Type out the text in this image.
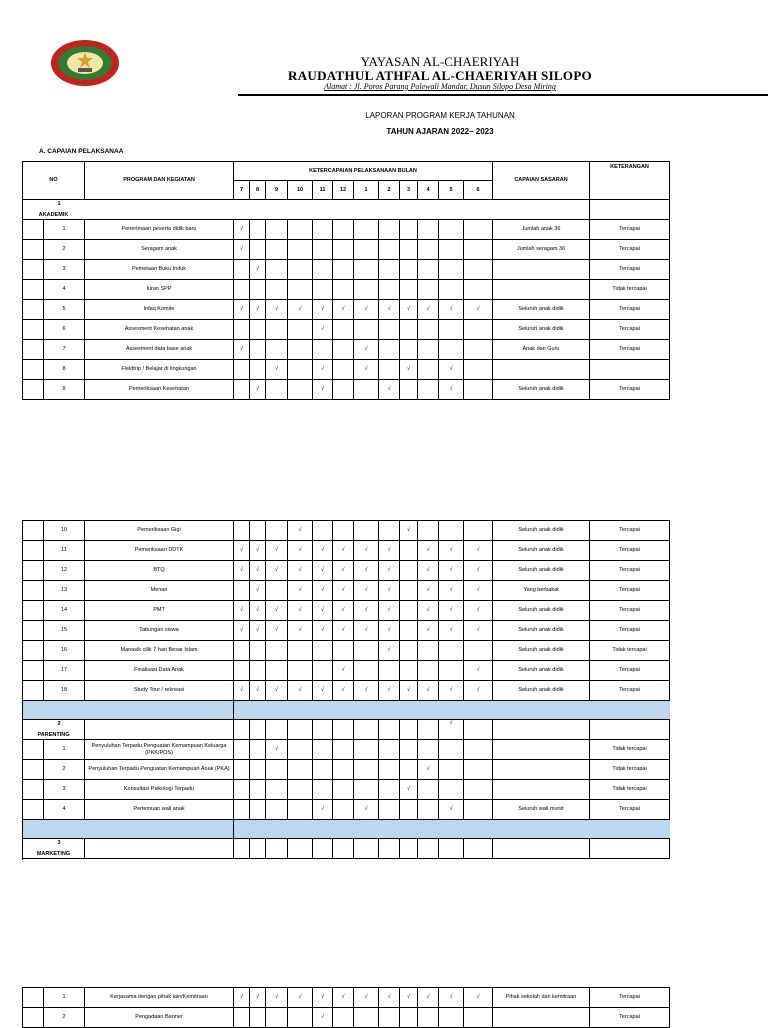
YAYASAN AL-CHAERIYAH
RAUDATHUL ATHFAL AL-CHAERIYAH SILOPO
Alamat : Jl. Poros Parang Polewali Mandar, Dusun Silopo Desa Miring
LAPORAN PROGRAM KERJA TAHUNAN
TAHUN AJARAN 2022– 2023
A. CAPAIAN PELAKSANAA
NO		PROGRAM DAN KEGIATAN	KETERCAPAIAN PELAKSANAAN BULAN												CAPAIAN SASARAN	KETERANGAN
			7	8	9	10	11	12	1	2	3	4	5	6		

1
AKADEMIK																

	1	Penerimaan peserta didik baru	√												Jumlah anak 36	Tercapai
	2	Seragam anak	√												Jumlah seragam 36	Tercapai
	3	Pemetaan Buku Induk		√												Tercapai
	4	Iuran SPP														Tidak tercapai
	5	Infaq Komite	√	√	√	√	√	√	√	√	√	√	√	√	Seluruh anak didik	Tercapai
	6	Assesment Kesehatan anak					√								Seluruh anak didik	Tercapai
	7	Assesment data base anak	√						√						Anak dan Guru	Tercapai
	8	Fieldtrip / Belajar di lingkungan			√		√		√		√		√			
	9	Pemeriksaan Kesehatan		√			√			√			√		Seluruh anak didik	Tercapai
	10	Pemeriksaan Gigi				√					√				Seluruh anak didik	Tercapai
	11	Pemeriksaan DDTK	√	√	√	√	√	√	√	√		√	√	√	Seluruh anak didik	Tercapai
	12	BTQ	√	√	√	√	√	√	√	√		√	√	√	Seluruh anak didik	Tercapai
	13	Menari		√		√	√	√	√	√		√	√	√	Yang berbakat	Tercapai
	14	PMT	√	√	√	√	√	√	√	√		√	√	√	Seluruh anak didik	Tercapai
	15	Tabungan siswa	√	√	√	√	√	√	√	√		√	√	√	Seluruh anak didik	Tercapai
	16	Manasik cilik 7 hari Besar Islam								√					Seluruh anak didik	Tidak tercapai
	17	Finalisasi Data Anak						√						√	Seluruh anak didik	Tercapai
	18	Study Tour / rekreasi	√	√	√	√	√	√	√	√	√	√	√	√	Seluruh anak didik	Tercapai

2
PARENTING													√			
	1	Penyuluhan Terpadu Penguatan Kemampuan Keluarga (PKK/POS)			√											Tidak tercapai
	2	Penyuluhan Terpadu Penguatan Kemampuan Anak (PKA)										√				Tidak tercapai
	3	Konsultasi Psikologi Terpadu									√					Tidak tercapai
	4	Pertemuan wali anak					√		√				√		Seluruh wali murid	Tercapai

3
MARKETING																

	1	Kerjasama dengan pihak lain/Kemitraan	√	√	√	√	√	√	√	√	√	√	√	√	Pihak sekolah dan kemitraan	Tercapai
	2	Pengadaan Banner					√									Tercapai
